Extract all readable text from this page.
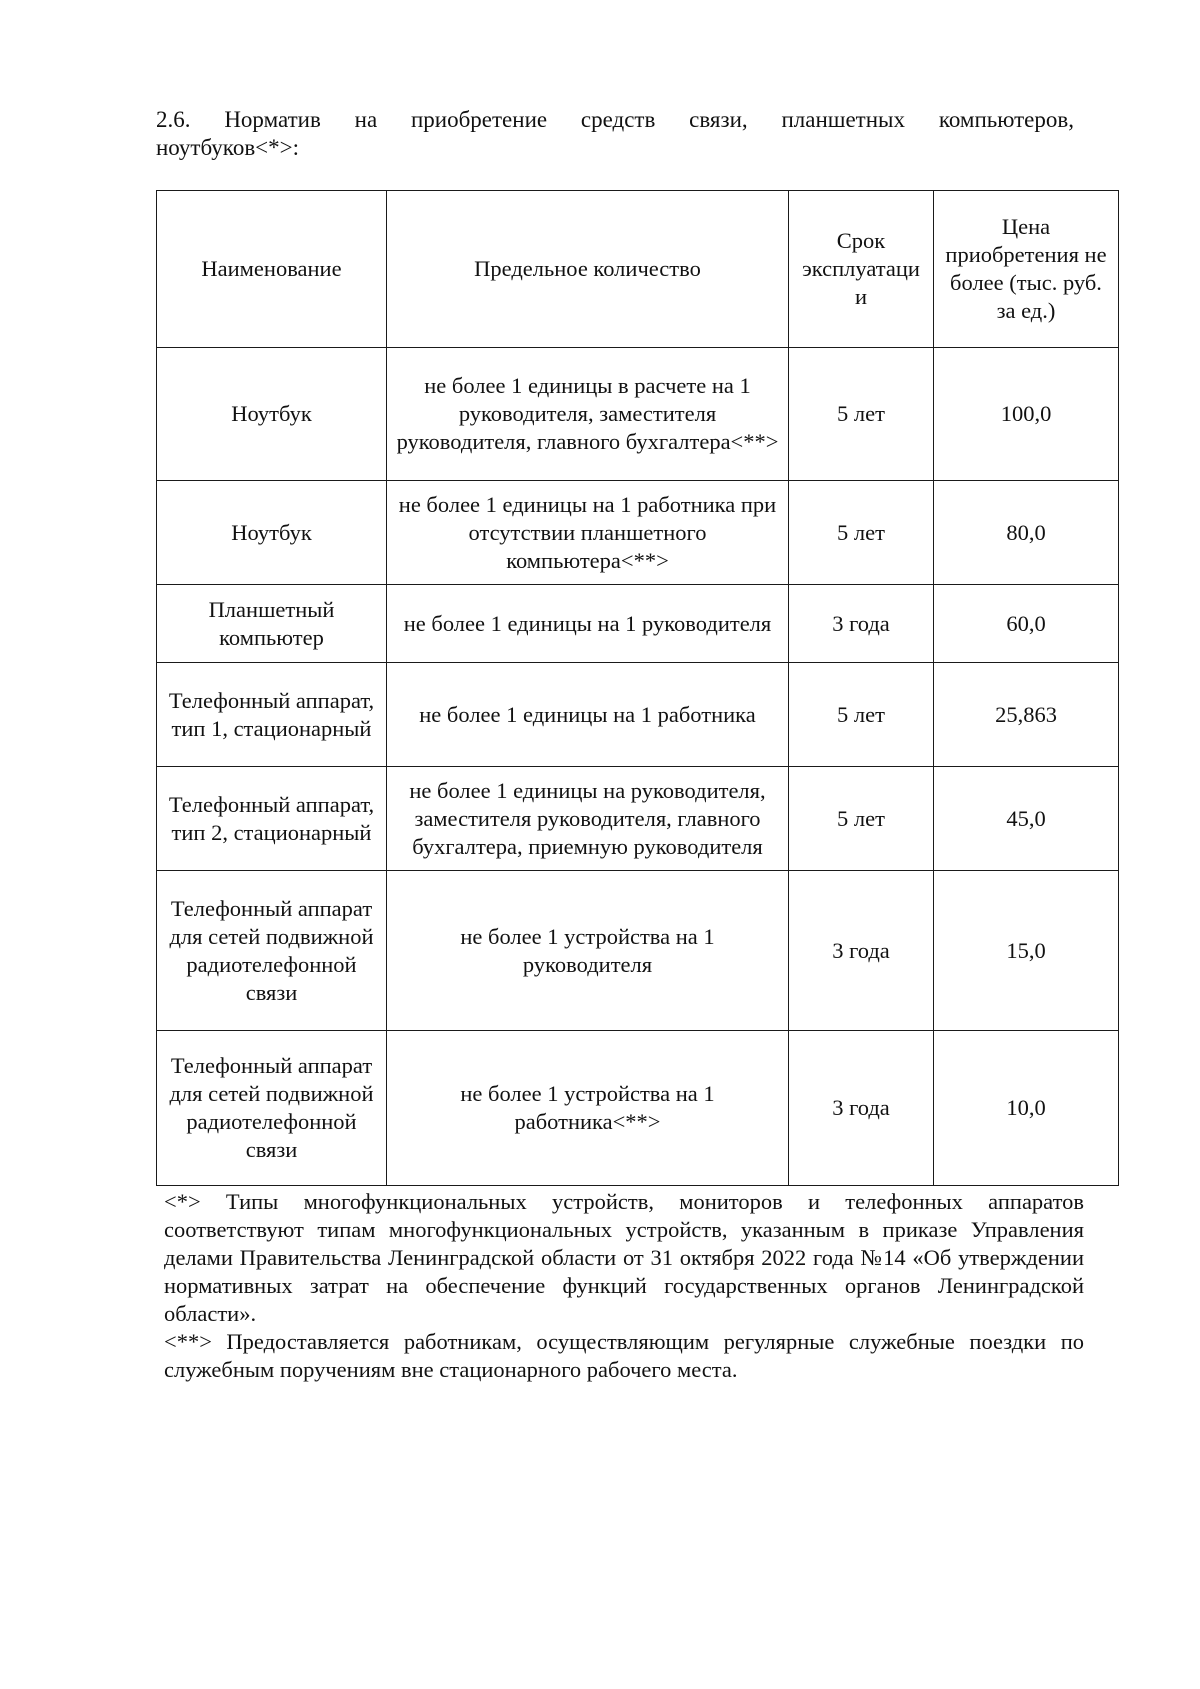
2.6. Норматив на приобретение средств связи, планшетных компьютеров,
ноутбуков<*>:
Наименование	Предельное количество	Срок эксплуатаци и	Цена приобретения не более (тыс. руб. за ед.)
Ноутбук	не более 1 единицы в расчете на 1 руководителя, заместителя руководителя, главного бухгалтера<**>	5 лет	100,0
Ноутбук	не более 1 единицы на 1 работника при отсутствии планшетного компьютера<**>	5 лет	80,0
Планшетный компьютер	не более 1 единицы на 1 руководителя	3 года	60,0
Телефонный аппарат, тип 1, стационарный	не более 1 единицы на 1 работника	5 лет	25,863
Телефонный аппарат, тип 2, стационарный	не более 1 единицы на руководителя, заместителя руководителя, главного бухгалтера, приемную руководителя	5 лет	45,0
Телефонный аппарат для сетей подвижной радиотелефонной связи	не более 1 устройства на 1 руководителя	3 года	15,0
Телефонный аппарат для сетей подвижной радиотелефонной связи	не более 1 устройства на 1 работника<**>	3 года	10,0

<*> Типы многофункциональных устройств, мониторов и телефонных аппаратов соответствуют типам многофункциональных устройств, указанным в приказе Управления делами Правительства Ленинградской области от 31 октября 2022 года №14 «Об утверждении нормативных затрат на обеспечение функций государственных органов Ленинградской области».

<**> Предоставляется работникам, осуществляющим регулярные служебные поездки по служебным поручениям вне стационарного рабочего места.
